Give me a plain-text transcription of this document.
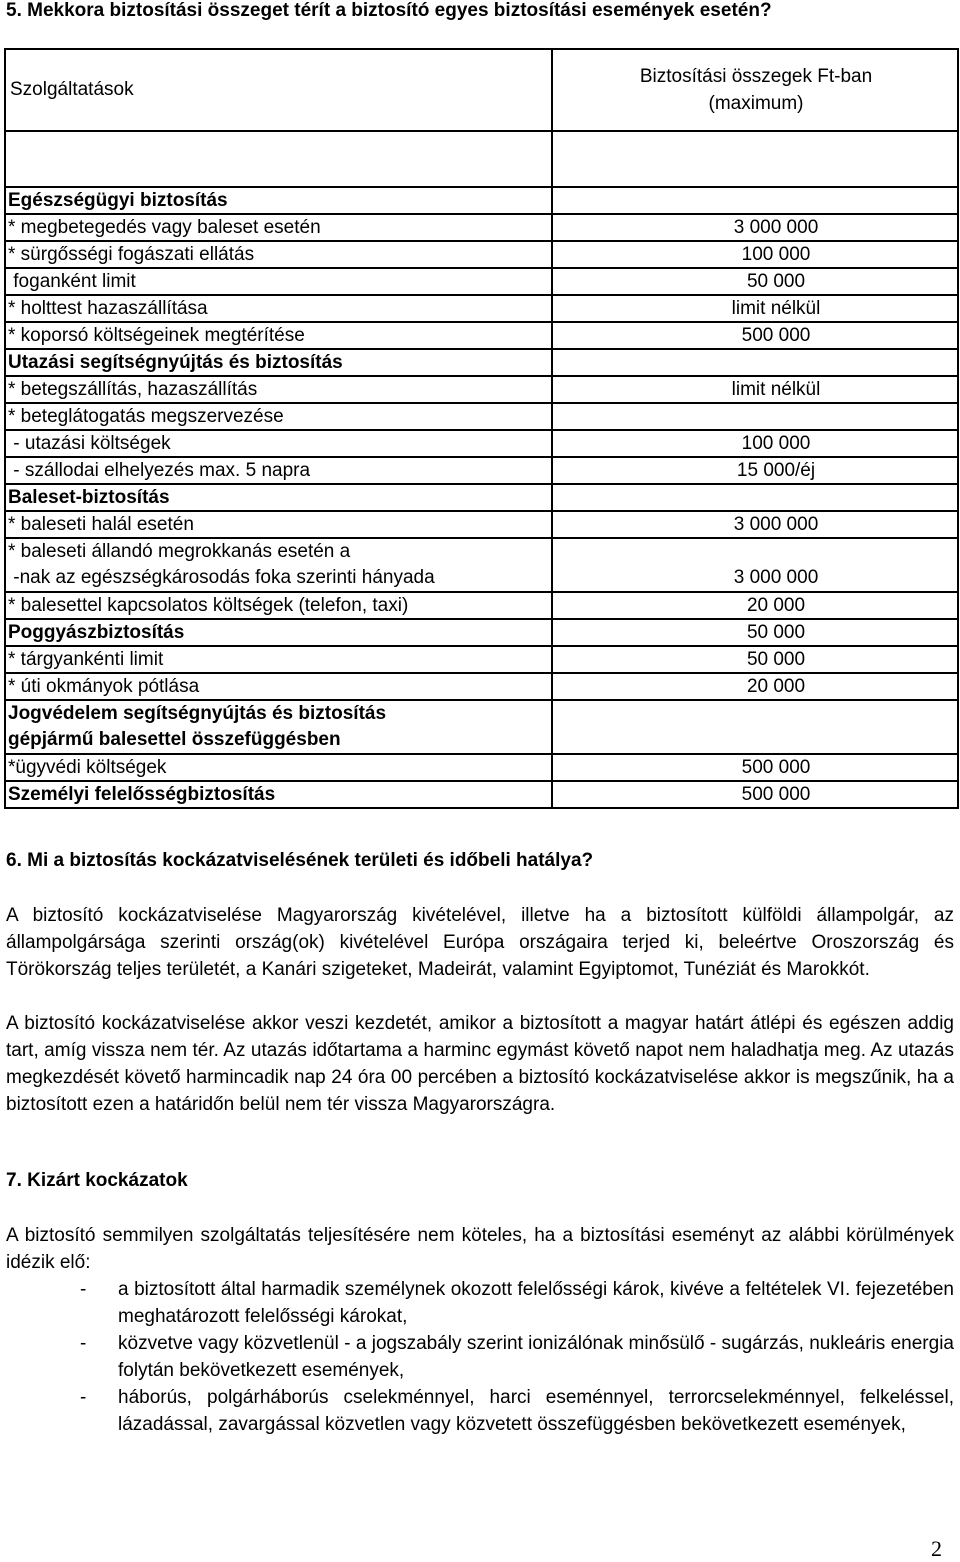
5. Mekkora biztosítási összeget térít a biztosító egyes biztosítási események esetén?
Szolgáltatások	Biztosítási összegek Ft-ban
(maximum)

Egészségügyi biztosítás	
* megbetegedés vagy baleset esetén	3 000 000
* sürgősségi fogászati ellátás	100 000
foganként limit	50 000
* holttest hazaszállítása	limit nélkül
* koporsó költségeinek megtérítése	500 000
Utazási segítségnyújtás és biztosítás	
* betegszállítás, hazaszállítás	limit nélkül
* beteglátogatás megszervezése	
- utazási költségek	100 000
- szállodai elhelyezés max. 5 napra	15 000/éj
Baleset-biztosítás	
* baleseti halál esetén	3 000 000
* baleseti állandó megrokkanás esetén a
-nak az egészségkárosodás foka szerinti hányada	3 000 000
* balesettel kapcsolatos költségek (telefon, taxi)	20 000
Poggyászbiztosítás	50 000
* tárgyankénti limit	50 000
* úti okmányok pótlása	20 000
Jogvédelem segítségnyújtás és biztosítás
gépjármű balesettel összefüggésben	
*ügyvédi költségek	500 000
Személyi felelősségbiztosítás	500 000
6. Mi a biztosítás kockázatviselésének területi és időbeli hatálya?
A biztosító kockázatviselése Magyarország kivételével, illetve ha a biztosított külföldi állampolgár, az állampolgársága szerinti ország(ok) kivételével Európa országaira terjed ki, beleértve Oroszország és Törökország teljes területét, a Kanári szigeteket, Madeirát, valamint Egyiptomot, Tunéziát és Marokkót.
A biztosító kockázatviselése akkor veszi kezdetét, amikor a biztosított a magyar határt átlépi és egészen addig tart, amíg vissza nem tér. Az utazás időtartama a harminc egymást követő napot nem haladhatja meg. Az utazás megkezdését követő harmincadik nap 24 óra 00 percében a biztosító kockázatviselése akkor is megszűnik, ha a biztosított ezen a határidőn belül nem tér vissza Magyarországra.
7. Kizárt kockázatok
A biztosító semmilyen szolgáltatás teljesítésére nem köteles, ha a biztosítási eseményt az alábbi körülmények idézik elő:
- a biztosított által harmadik személynek okozott felelősségi károk, kivéve a feltételek VI. fejezetében meghatározott felelősségi károkat,
- közvetve vagy közvetlenül - a jogszabály szerint ionizálónak minősülő - sugárzás, nukleáris energia folytán bekövetkezett események,
- háborús, polgárháborús cselekménnyel, harci eseménnyel, terrorcselekménnyel, felkeléssel, lázadással, zavargással közvetlen vagy közvetett összefüggésben bekövetkezett események,
2
